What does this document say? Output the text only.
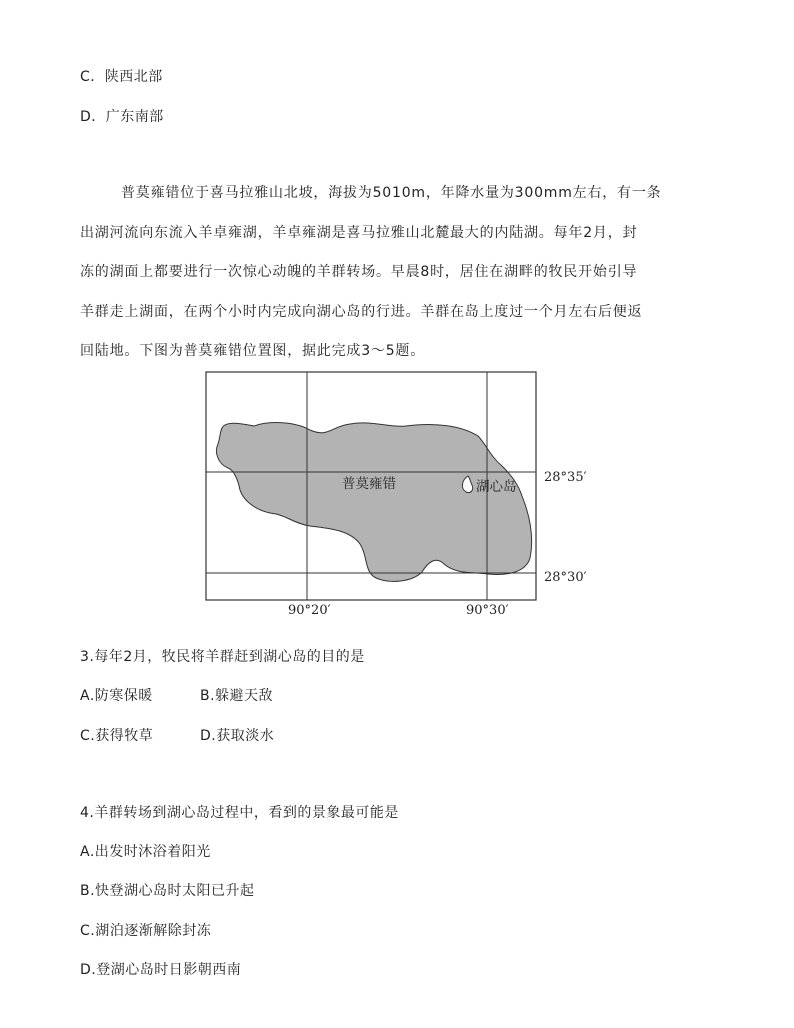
C．陕西北部
D．广东南部
普莫雍错位于喜马拉雅山北坡，海拔为5010m，年降水量为300mm左右，有一条
出湖河流向东流入羊卓雍湖，羊卓雍湖是喜马拉雅山北麓最大的内陆湖。每年2月，封
冻的湖面上都要进行一次惊心动魄的羊群转场。早晨8时，居住在湖畔的牧民开始引导
羊群走上湖面，在两个小时内完成向湖心岛的行进。羊群在岛上度过一个月左右后便返
回陆地。下图为普莫雍错位置图，据此完成3～5题。
普莫雍错	湖心岛
28°35′
28°30′
90°20′	90°30′
3.每年2月，牧民将羊群赶到湖心岛的目的是
A.防寒保暖	B.躲避天敌
C.获得牧草	D.获取淡水
4.羊群转场到湖心岛过程中，看到的景象最可能是
A.出发时沐浴着阳光
B.快登湖心岛时太阳已升起
C.湖泊逐渐解除封冻
D.登湖心岛时日影朝西南
